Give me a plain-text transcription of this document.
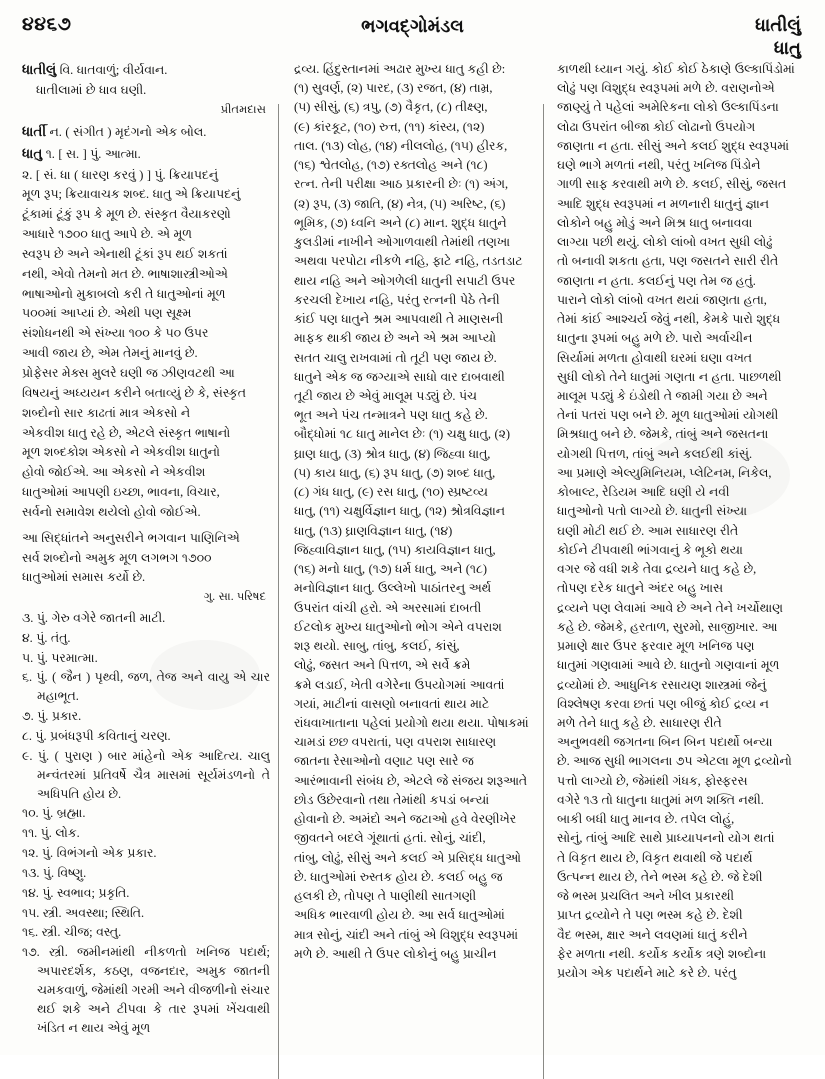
૪૪૬૭	ભગવદ્ગોમંડલ	ધાતીલું
ધાતુ

ધાતીલું વિ. ધાતવાળું; વીર્યવાન.

ધાતીલામાં છે ધાવ ઘણી.

પ્રીતમદાસ

ધાર્તી ન. ( સંગીત ) મૃદંગનો એક બોલ.

ધાતુ ૧. [ સ. ] પું. આત્મા.

૨. [ સં. ધા ( ધારણ કરવું ) ] પું. ક્રિયાપદનું

મૂળ રૂપ; ક્રિયાવાચક શબ્દ. ધાતુ એ ક્રિયાપદનું

ટૂંકામાં ટૂંકું રૂપ કે મૂળ છે. સંસ્કૃત વૈયાકરણો

આધારે ૧૭૦૦ ધાતુ આપે છે. એ મૂળ

સ્વરૂપ છે અને એનાથી ટૂંકાં રૂપ થઈ શકતાં

નથી, એવો તેમનો મત છે. ભાષાશાસ્ત્રીઓએ

ભાષાઓનો મુકાબલો કરી તે ધાતુઓનાં મૂળ

૫૦૦માં આપ્યાં છે. એથી પણ સૂક્ષ્મ

સંશોધનથી એ સંખ્યા ૧૦૦ કે ૫૦ ઉપર

આવી જાય છે, એમ તેમનું માનવું છે.

પ્રોફેસર મેક્સ મુલરે ઘણી જ ઝીણવટથી આ

વિષયનું અધ્યયન કરીને બતાવ્યું છે કે, સંસ્કૃત

શબ્દોનો સાર કાઢતાં માત્ર એકસો ને

એકવીશ ધાતુ રહે છે, એટલે સંસ્કૃત ભાષાનો

મૂળ શબ્દકોશ એકસો ને એકવીશ ધાતુનો

હોવો જોઈએ. આ એકસો ને એકવીશ

ધાતુઓમાં આપણી ઇચ્છા, ભાવના, વિચાર,

સર્વનો સમાવેશ થયેલો હોવો જોઈએ.

આ સિદ્ધાંતને અનુસરીને ભગવાન પાણિનિએ

સર્વ શબ્દોનો અમુક મૂળ લગભગ ૧૭૦૦

ધાતુઓમાં સમાસ કર્યો છે.

ગુ. સા. પરિષદ

૩. પું. ગેરુ વગેરે જાતની માટી.

૪. પું. તંતુ.

૫. પું. પરમાત્મા.

૬. પું. ( જૈન ) પૃથ્વી, જળ, તેજ અને વાયુ એ ચાર મહાભૂત.

૭. પું. પ્રકાર.

૮. પું. પ્રબંધરૂપી કવિતાનું ચરણ.

૯. પું. ( પુરાણ ) બાર માંહેનો એક આદિત્ય. ચાલુ મન્વંતરમાં પ્રતિવર્ષે ચૈત્ર માસમાં સૂર્યમંડળનો તે અધિપતિ હોય છે.

૧૦. પું. બ્રહ્મા.

૧૧. પું. લોક.

૧૨. પું. વિભંગનો એક પ્રકાર.

૧૩. પું. વિષ્ણુ.

૧૪. પું. સ્વભાવ; પ્રકૃતિ.

૧૫. સ્ત્રી. અવસ્થા; સ્થિતિ.

૧૬. સ્ત્રી. ચીજ; વસ્તુ.

૧૭. સ્ત્રી. જમીનમાંથી નીકળતો ખનિજ પદાર્થ; અપારદર્શક, કઠણ, વજનદાર, અમુક જાતની ચમકવાળું, જેમાંથી ગરમી અને વીજળીનો સંચાર થઈ શકે અને ટીપવા કે તાર રૂપમાં ખેંચવાથી ખંડિત ન થાય એવું મૂળ

દ્રવ્ય. હિંદુસ્તાનમાં અઢાર મુખ્ય ધાતુ કહી છે:

(૧) સુવર્ણ, (૨) પારદ, (૩) રજત, (૪) તામ્ર,

(૫) સીસું, (૬) ત્રપુ, (૭) વૈકૃત, (૮) તીક્ષ્ણ,

(૯) કાંરકૂટ, (૧૦) રુત્ત, (૧૧) કાંસ્ય, (૧૨)

તાલ. (૧૩) લોહ, (૧૪) નીલલોહ, (૧૫) હીરક,

(૧૬) શ્વેતલોહ, (૧૭) રક્તલોહ અને (૧૮)

રત્ન. તેની પરીક્ષા આઠ પ્રકારની છેઃ (૧) અંગ,

(૨) રૂપ, (૩) જાતિ, (૪) નેત્ર, (૫) અરિષ્ટ, (૬)

ભૂમિક, (૭) ધ્વનિ અને (૮) માન. શુદ્ધ ધાતુને

કુલડીમાં નાખીને ઓગાળવાથી તેમાંથી તણખા

અથવા પરપોટા નીકળે નહિ, ફાટે નહિ, તડતડાટ

થાય નહિ અને ઓગળેલી ધાતુની સપાટી ઉપર

કરચલી દેખાય નહિ, પરંતુ રત્નની પેઠે તેની

કાંઈ પણ ધાતુને શ્રમ આપવાથી તે માણસની

માફક થાકી જાય છે અને એ શ્રમ આપ્યો

સતત ચાલુ રાખવામાં તો તૂટી પણ જાય છે.

ધાતુને એક જ જગ્યાએ સાધો વાર દાબવાથી

તૂટી જાય છે એવું માલૂમ પડ્યું છે. પંચ

ભૂત અને પંચ તન્માત્રને પણ ધાતુ કહે છે.

બૌદ્ધોમાં ૧૮ ધાતુ માનેલ છેઃ (૧) ચક્ષુ ધાતુ, (૨)

ઘ્રાણ ધાતુ, (૩) શ્રોત્ર ધાતુ, (૪) જિહ્વા ધાતુ,

(૫) કાય ધાતુ, (૬) રૂપ ધાતુ, (૭) શબ્દ ધાતુ,

(૮) ગંધ ધાતુ, (૯) રસ ધાતુ, (૧૦) સ્પ્રષ્ટવ્ય

ધાતુ, (૧૧) ચક્ષુર્વિજ્ઞાન ધાતુ, (૧૨) શ્રોત્રવિજ્ઞાન

ધાતુ, (૧૩) ઘ્રાણવિજ્ઞાન ધાતુ, (૧૪)

જિહ્વાવિજ્ઞાન ધાતુ, (૧૫) કાયવિજ્ઞાન ધાતુ,

(૧૬) મનો ધાતુ, (૧૭) ધર્મ ધાતુ, અને (૧૮)

મનોવિજ્ઞાન ધાતુ. ઉલ્લેખો પાઠાંતરનુ અર્થ

ઉપરાંત વાંચી હરો. એ અરસામાં દાબતી

ઈટલોક મુખ્ય ધાતુઓનો ભોગ એને વપરાશ

શરૂ થયો. સાબુ, તાંબુ, કલઈ, કાંસું,

લોઢું, જસત અને પિત્તળ, એ સર્વે ક્રમે

ક્રમે લડાઈ, ખેતી વગેરેના ઉપયોગમાં આવતાં

ગયાં, માટીનાં વાસણો બનાવતાં થાય માટે

રાંધવાખાતાના પહેલાં પ્રયોગો થયા થયા. પોષાકમાં

ચામડાં છછ વપરાતાં, પણ વપરાશ સાધારણ

જાતના રેસાઓનો વણાટ પણ સારે જ

આરંભાવાની સંબંધ છે, એટલે જે સંજય શરૂઆતે

છોડ ઉછેરવાનો તથા તેમાંથી કપડાં બન્યાં

હોવાનો છે. અમંદો અને જટાઓ હવે વેરણીખેર

જીવતને બદલે ગૂંથાતાં હતાં. સોનું, ચાંદી,

તાંબુ, લોઢું, સીસું અને કલઈ એ પ્રસિદ્ધ ધાતુઓ

છે. ધાતુઓમાં રુસ્તક હોય છે. કલઈ બહુ જ

હલકી છે, તોપણ તે પાણીથી સાતગણી

અધિક ભારવાળી હોય છે. આ સર્વ ધાતુઓમાં

માત્ર સોનું, ચાંદી અને તાંબું એ વિશુદ્ધ સ્વરૂપમાં

મળે છે. આથી તે ઉપર લોકોનું બહુ પ્રાચીન

કાળથી ધ્યાન ગયું. કોઈ કોઈ ઠેકાણે ઉલ્કાપિંડોમાં

લોઢું પણ વિશુદ્ધ સ્વરૂપમાં મળે છે. વરાણનોએ

જાણ્યું તે પહેલાં અમેરિકના લોકો ઉલ્કાપિંડના

લોઢા ઉપરાંત બીજા કોઈ લોઢાનો ઉપયોગ

જાણતા ન હતા. સીસું અને કલઈ શુદ્ધ સ્વરૂપમાં

ઘણે ભાગે મળતાં નથી, પરંતુ ખનિજ પિંડોને

ગાળી સાફ કરવાથી મળે છે. કલઈ, સીસું, જસત

આદિ શુદ્ધ સ્વરૂપમાં ન મળનારી ધાતુનું જ્ઞાન

લોકોને બહુ મોડું અને મિશ્ર ધાતુ બનાવવા

લાગ્યા પછી થયું. લોકો લાંબો વખત સુધી લોઢું

તો બનાવી શકતા હતા, પણ જસતને સારી રીતે

જાણતા ન હતા. કલઈનું પણ તેમ જ હતું.

પારાને લોકો લાંબો વખત થયાં જાણતા હતા,

તેમાં કાંઈ આશ્ચર્ય જેવું નથી, કેમકે પારો શુદ્ધ

ધાતુના રૂપમાં બહુ મળે છે. પારો અર્વાચીન

સિર્યામાં મળતા હોવાથી ઘરમાં ઘણા વખત

સુધી લોકો તેને ધાતુમાં ગણતા ન હતા. પાછળથી

માલૂમ પડ્યું કે ઇંડોથી તે જામી ગયા છે અને

તેનાં પતરાં પણ બને છે. મૂળ ધાતુઓમાં યોગથી

મિશ્રધાતુ બને છે. જેમકે, તાંબું અને જસતના

યોગથી પિત્તળ, તાંબું અને કલઈથી કાંસું.

આ પ્રમાણે એલ્યુમિનિયમ, પ્લેટિનમ, નિકેલ,

કોબાલ્ટ, રેડિયમ આદિ ઘણી યે નવી

ધાતુઓનો પતો લાગ્યો છે. ધાતુની સંખ્યા

ઘણી મોટી થઈ છે. આમ સાધારણ રીતે

કોઈને ટીપવાથી ભાંગવાનું કે ભૂકો થયા

વગર જે વધી શકે તેવા દ્રવ્યને ધાતુ કહે છે,

તોપણ દરેક ધાતુને અંદર બહુ ખાસ

દ્રવ્યને પણ લેવામાં આવે છે અને તેને ખર્ચોથાણ

કહે છે. જેમકે, હરતાળ, સુરમો, સાજીખાર. આ

પ્રમાણે ક્ષાર ઉપર ફરવાર મૂળ ખનિજ પણ

ધાતુમાં ગણવામાં આવે છે. ધાતુનો ગણવાનાં મૂળ

દ્રવ્યોમાં છે. આધુનિક રસાયણ શાસ્ત્રમાં જેનું

વિશ્લેષણ કરવા છતાં પણ બીજું કોઈ દ્રવ્ય ન

મળે તેને ધાતુ કહે છે. સાધારણ રીતે

અનુભવથી જગતના બિન બિન પદાર્થો બન્યા

છે. આજ સુધી ભાગલના ૭૫ એટલા મૂળ દ્રવ્યોનો

પત્તો લાગ્યો છે, જેમાંથી ગંધક, ફોસ્ફરસ

વગેરે ૧૩ તો ધાતુના ધાતુમાં મળ શક્તિ નથી.

બાકી બધી ધાતુ માનવ છે. તપેલ લોહું,

સોનું, તાંબું આદિ સાથે પ્રાધ્યાપનનો યોગ થતાં

તે વિકૃત થાય છે, વિકૃત થવાથી જે પદાર્થ

ઉત્પન્ન થાય છે, તેને ભસ્મ કહે છે. જે દેશી

જે ભસ્મ પ્રચલિત અને ખીલ પ્રકારથી

પ્રાપ્ત દ્રવ્યોને તે પણ ભસ્મ કહે છે. દેશી

વૈદ ભસ્મ, ક્ષાર અને લવણમાં ધાતું કરીને

ફેર મળતા નથી. કર્યોક કર્યોક ત્રણે શબ્દોના

પ્રયોગ એક પદાર્થને માટે કરે છે. પરંતુ
